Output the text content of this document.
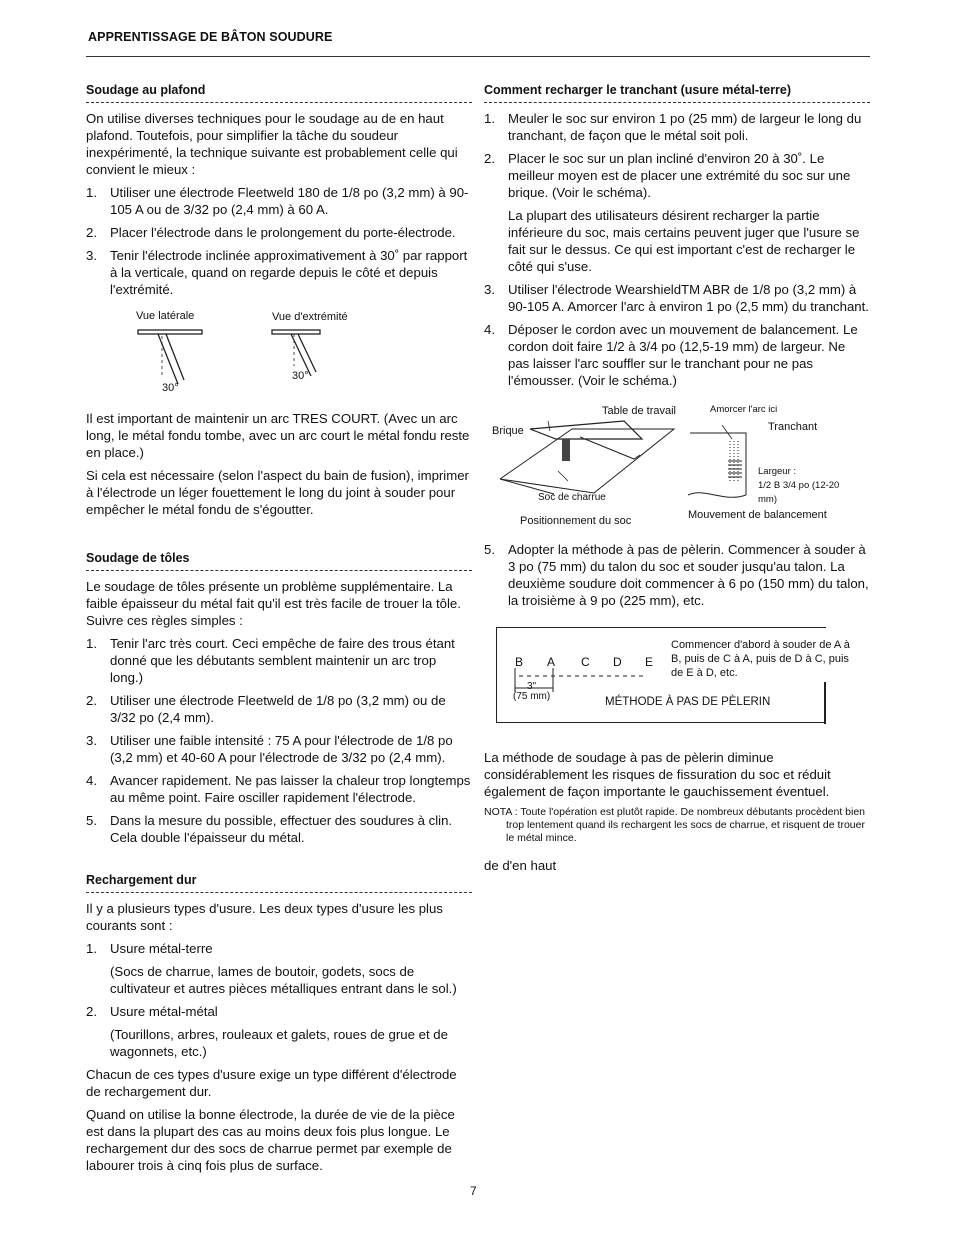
APPRENTISSAGE DE BÂTON SOUDURE
Soudage au plafond

On utilise diverses techniques pour le soudage au de en haut plafond. Toutefois, pour simplifier la tâche du soudeur inexpérimenté, la technique suivante est probablement celle qui convient le mieux :

1. Utiliser une électrode Fleetweld 180 de 1/8 po (3,2 mm) à 90-105 A ou de 3/32 po (2,4 mm) à 60 A.
2. Placer l'électrode dans le prolongement du porte-électrode.
3. Tenir l'électrode inclinée approximativement à 30˚ par rapport à la verticale, quand on regarde depuis le côté et depuis l'extrémité.
Vue latérale	Vue d'extrémité
30°
30°

Il est important de maintenir un arc TRES COURT. (Avec un arc long, le métal fondu tombe, avec un arc court le métal fondu reste en place.)

Si cela est nécessaire (selon l'aspect du bain de fusion), imprimer à l'électrode un léger fouettement le long du joint à souder pour empêcher le métal fondu de s'égoutter.

Soudage de tôles

Le soudage de tôles présente un problème supplémentaire. La faible épaisseur du métal fait qu'il est très facile de trouer la tôle. Suivre ces règles simples :

1. Tenir l'arc très court. Ceci empêche de faire des trous étant donné que les débutants semblent maintenir un arc trop long.)
2. Utiliser une électrode Fleetweld de 1/8 po (3,2 mm) ou de 3/32 po (2,4 mm).
3. Utiliser une faible intensité : 75 A pour l'électrode de 1/8 po (3,2 mm) et 40-60 A pour l'électrode de 3/32 po (2,4 mm).
4. Avancer rapidement. Ne pas laisser la chaleur trop longtemps au même point. Faire osciller rapidement l'électrode.
5. Dans la mesure du possible, effectuer des soudures à clin. Cela double l'épaisseur du métal.
Rechargement dur

Il y a plusieurs types d'usure. Les deux types d'usure les plus courants sont :

1. Usure métal-terre
(Socs de charrue, lames de boutoir, godets, socs de cultivateur et autres pièces métalliques entrant dans le sol.)
2. Usure métal-métal
(Tourillons, arbres, rouleaux et galets, roues de grue et de wagonnets, etc.)

Chacun de ces types d'usure exige un type différent d'électrode de rechargement dur.

Quand on utilise la bonne électrode, la durée de vie de la pièce est dans la plupart des cas au moins deux fois plus longue. Le rechargement dur des socs de charrue permet par exemple de labourer trois à cinq fois plus de surface.

Comment recharger le tranchant (usure métal-terre)
1. Meuler le soc sur environ 1 po (25 mm) de largeur le long du tranchant, de façon que le métal soit poli.
2. Placer le soc sur un plan incliné d'environ 20 à 30˚. Le meilleur moyen est de placer une extrémité du soc sur une brique. (Voir le schéma).
La plupart des utilisateurs désirent recharger la partie inférieure du soc, mais certains peuvent juger que l'usure se fait sur le dessus. Ce qui est important c'est de recharger le côté qui s'use.
3. Utiliser l'électrode WearshieldTM ABR de 1/8 po (3,2 mm) à 90-105 A. Amorcer l'arc à environ 1 po (2,5 mm) du tranchant.
4. Déposer le cordon avec un mouvement de balancement. Le cordon doit faire 1/2 à 3/4 po (12,5-19 mm) de largeur. Ne pas laisser l'arc souffler sur le tranchant pour ne pas l'émousser. (Voir le schéma.)
Table de travail
Brique
Soc de charrue
Positionnement du soc
Amorcer l'arc ici
Tranchant
Largeur :
1/2 B 3/4 po (12-20
mm)
Mouvement de balancement
5. Adopter la méthode à pas de pèlerin. Commencer à souder à 3 po (75 mm) du talon du soc et souder jusqu'au talon. La deuxième soudure doit commencer à 6 po (150 mm) du talon, la troisième à 9 po (225 mm), etc.
B A C D E
3"
(75 mm)
Commencer d'abord à souder de A à
B, puis de C à A, puis de D à C, puis
de E à D, etc.
MÉTHODE À PAS DE PÈLERIN

La méthode de soudage à pas de pèlerin diminue considérablement les risques de fissuration du soc et réduit également de façon importante le gauchissement éventuel.

NOTA : Toute l'opération est plutôt rapide. De nombreux débutants procèdent bien trop lentement quand ils rechargent les socs de charrue, et risquent de trouer le métal mince.

de d'en haut

7
